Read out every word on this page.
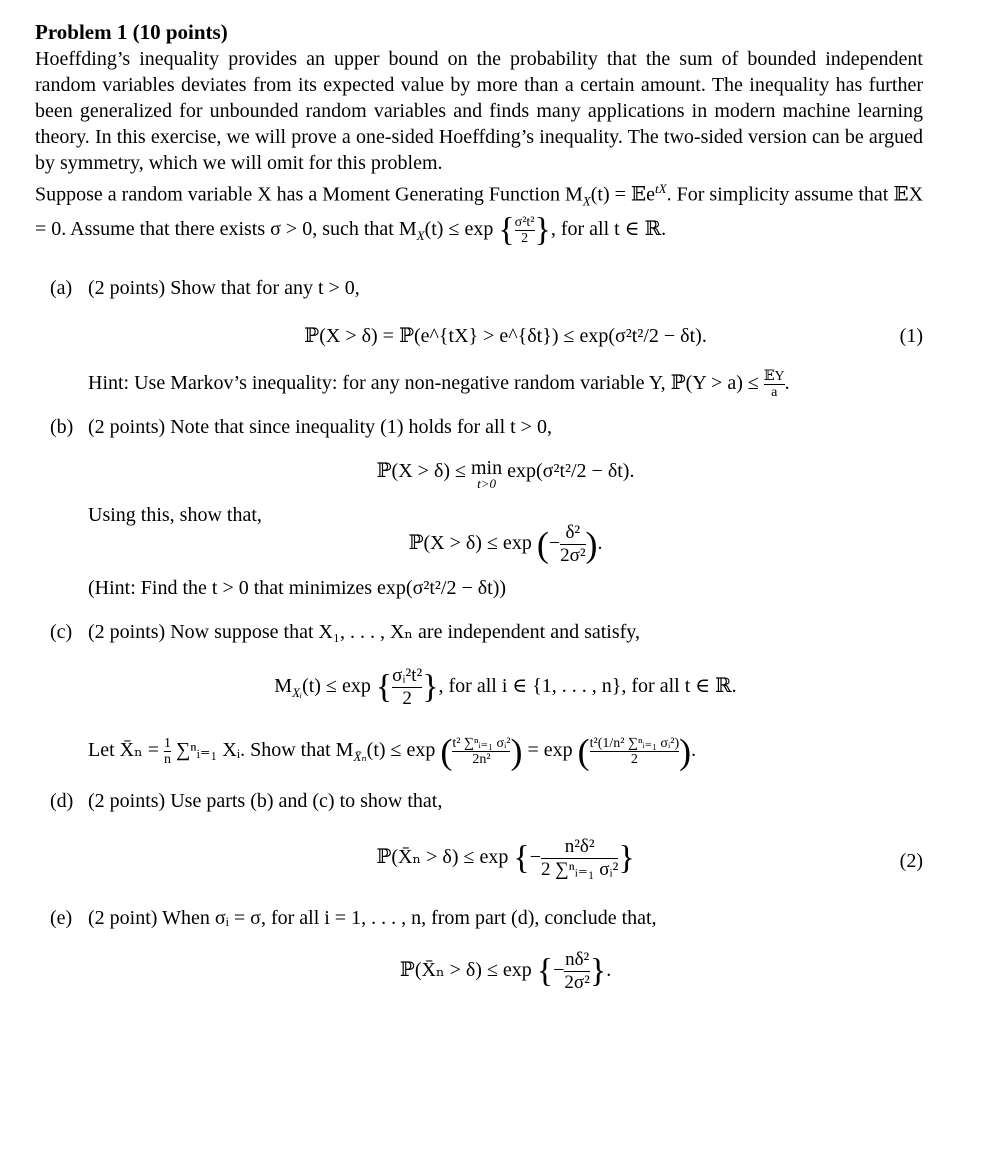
Problem 1 (10 points)

Hoeffding’s inequality provides an upper bound on the probability that the sum of bounded independent random variables deviates from its expected value by more than a certain amount. The inequality has further been generalized for unbounded random variables and finds many applications in modern machine learning theory. In this exercise, we will prove a one-sided Hoeffding’s inequality. The two-sided version can be argued by symmetry, which we will omit for this problem.

Suppose a random variable X has a Moment Generating Function $M_X(t)$ = 𝔼e$^{tX}$. For simplicity assume that 𝔼X = 0. Assume that there exists σ > 0, such that $M_X(t) \le \exp$ { $\frac{\text{σ²t²}}{2}$ }, for all t ∈ ℝ.

(a) (2 points) Show that for any t > 0,

ℙ(X > δ) = ℙ(e^{tX} > e^{δt}) ≤ exp(σ²t²/2 − δt).	(1)

Hint: Use Markov’s inequality: for any non-negative random variable Y, ℙ(Y > $a) \le \frac{\text{𝔼Y}}{a}$ .

(b) (2 points) Note that since inequality (1) holds for all t > 0,

ℙ(X > δ) ≤ min
t>0
exp(σ²t²/2 − δt).

Using this, show that,

ℙ(X > δ) ≤ exp (− $\frac{\text{δ²}}{\text{2σ²}}$ ).

(Hint: Find the t > 0 that minimizes exp(σ²t²/2 − δt))

(c) (2 points) Now suppose that X₁, . . . , Xₙ are independent and satisfy,

$M_{Xᵢ}(t) \le \exp$ { $\frac{\text{σᵢ²t²}}{2}$ }, for all i ∈ {1, . . . , n}, for all t ∈ ℝ.

Let X̄ₙ = $\frac{1}{n}$ ∑ⁿᵢ₌₁ Xᵢ. Show that $M_{X̄_n}(t) \le \exp$ ( $\frac{\text{t² ∑ⁿᵢ₌₁ σᵢ²}}{\text{2n²}}$ ) = exp ( $\frac{\text{t²(1/n² ∑ⁿᵢ₌₁ σᵢ²)}}{2}$ ).

(d) (2 points) Use parts (b) and (c) to show that,

ℙ(X̄ₙ > δ) ≤ exp {− $\frac{\text{n²δ²}}{\text{2 ∑ⁿᵢ₌₁ σᵢ²}}$ }	(2)
(e) (2 point) When σᵢ = σ, for all i = 1, . . . , n, from part (d), conclude that,

ℙ(X̄ₙ > δ) ≤ exp {− $\frac{\text{nδ²}}{\text{2σ²}}$ }.
